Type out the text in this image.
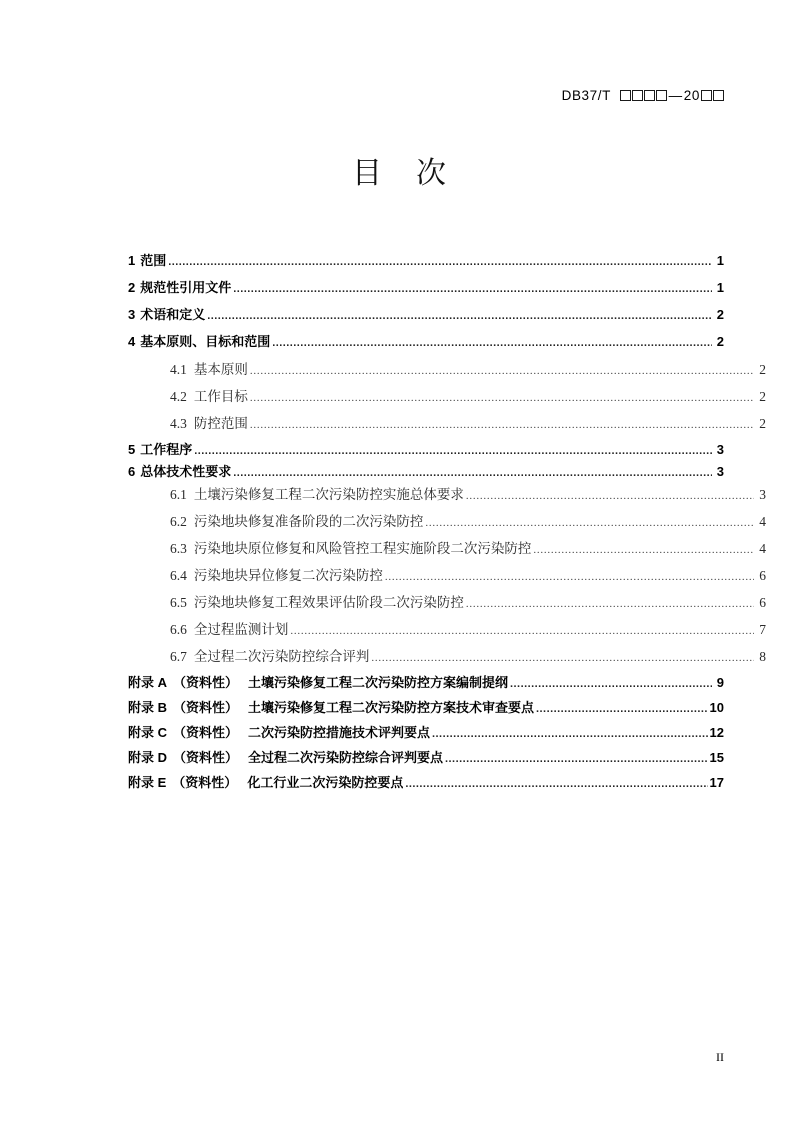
DB37/T	—20
目 次
1 范围 .....	1
2 规范性引用文件 .....	1
3 术语和定义 .....	2
4 基本原则、目标和范围 .....	2
4.1 基本原则 .....	2
4.2 工作目标 .....	2
4.3 防控范围 .....	2
5 工作程序 .....	3
6 总体技术性要求 .....	3
6.1 土壤污染修复工程二次污染防控实施总体要求 .....	3
6.2 污染地块修复准备阶段的二次污染防控 .....	4
6.3 污染地块原位修复和风险管控工程实施阶段二次污染防控 .....	4
6.4 污染地块异位修复二次污染防控 .....	6
6.5 污染地块修复工程效果评估阶段二次污染防控 .....	6
6.6 全过程监测计划 .....	7
6.7 全过程二次污染防控综合评判 .....	8
附录 A （资料性） 土壤污染修复工程二次污染防控方案编制提纲 .....	9
附录 B （资料性） 土壤污染修复工程二次污染防控方案技术审查要点 .....	10
附录 C （资料性） 二次污染防控措施技术评判要点 .....	12
附录 D （资料性） 全过程二次污染防控综合评判要点 .....	15
附录 E （资料性） 化工行业二次污染防控要点 .....	17
II
